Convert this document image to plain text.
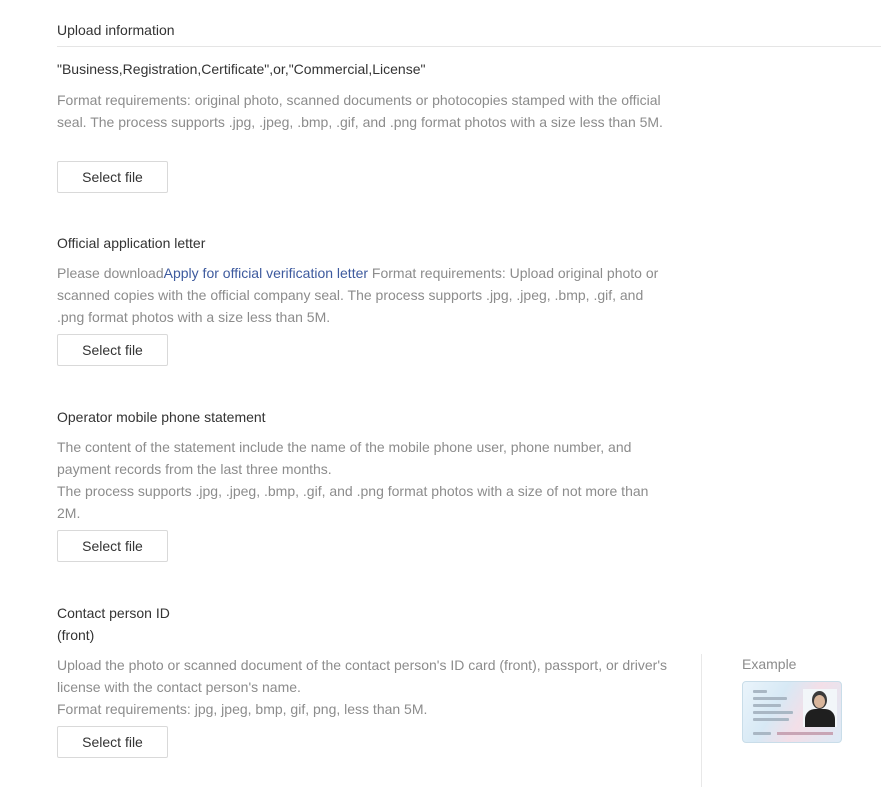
Upload information
"Business,Registration,Certificate",or,"Commercial,License"
Format requirements: original photo, scanned documents or photocopies stamped with the official seal. The process supports .jpg, .jpeg, .bmp, .gif, and .png format photos with a size less than 5M.
Select file
Official application letter
Please downloadApply for official verification letter Format requirements: Upload original photo or scanned copies with the official company seal. The process supports .jpg, .jpeg, .bmp, .gif, and .png format photos with a size less than 5M.
Select file
Operator mobile phone statement
The content of the statement include the name of the mobile phone user, phone number, and payment records from the last three months.
The process supports .jpg, .jpeg, .bmp, .gif, and .png format photos with a size of not more than 2M.
Select file
Contact person ID
(front)
Upload the photo or scanned document of the contact person's ID card (front), passport, or driver's license with the contact person's name.
Format requirements: jpg, jpeg, bmp, gif, png, less than 5M.
Select file
Example
